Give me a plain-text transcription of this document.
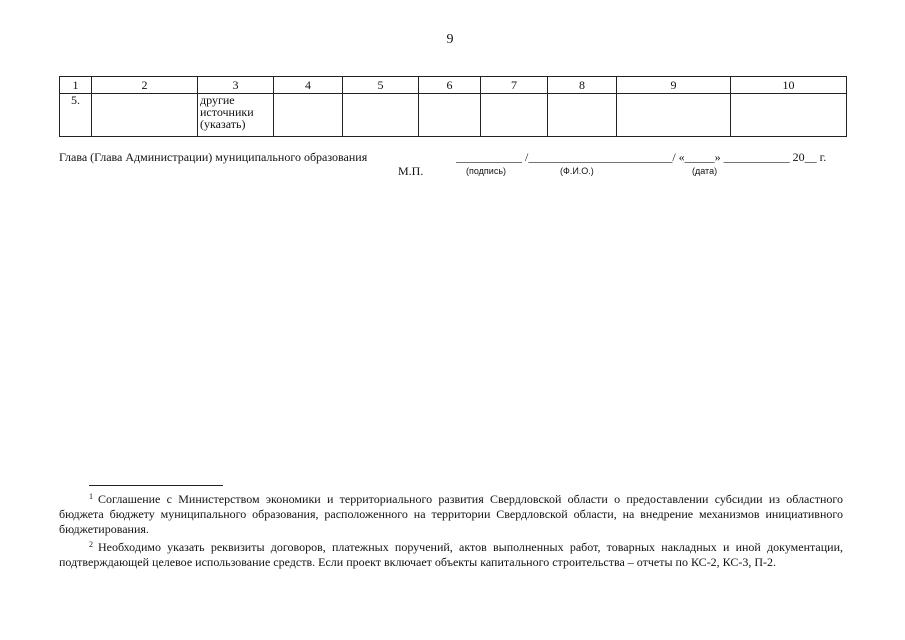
9
1	2	3	4	5	6	7	8	9	10
5.		другие
источники
(указать)							

Глава (Глава Администрации) муниципального образования
М.П.
___________ /________________________/ «_____» ___________ 20__ г.
(подпись)	(Ф.И.О.)	(дата)

$^1$ Соглашение с Министерством экономики и территориального развития Свердловской области о предоставлении субсидии из областного бюджета бюджету муниципального образования, расположенного на территории Свердловской области, на внедрение механизмов инициативного бюджетирования.

$^2$ Необходимо указать реквизиты договоров, платежных поручений, актов выполненных работ, товарных накладных и иной документации, подтверждающей целевое использование средств. Если проект включает объекты капитального строительства – отчеты по КС-2, КС-3, П-2.
